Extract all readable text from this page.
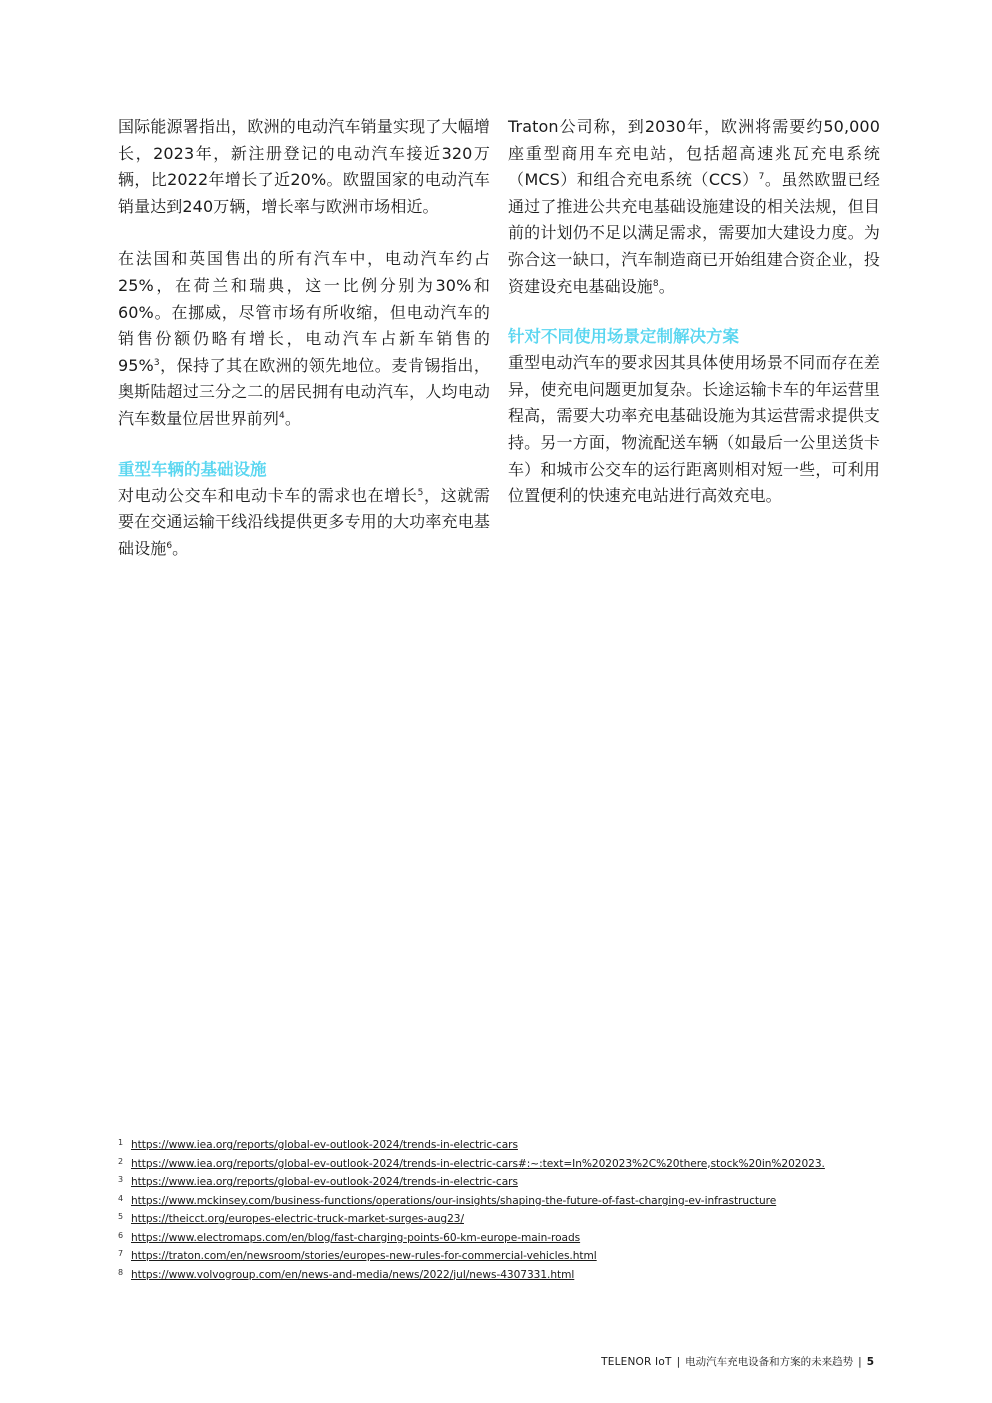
国际能源署指出，欧洲的电动汽车销量实现了大幅增长，2023年，新注册登记的电动汽车接近320万辆，比2022年增长了近20%。欧盟国家的电动汽车销量达到240万辆，增长率与欧洲市场相近。

在法国和英国售出的所有汽车中，电动汽车约占25%，在荷兰和瑞典，这一比例分别为30%和60%。在挪威，尽管市场有所收缩，但电动汽车的销售份额仍略有增长，电动汽车占新车销售的95%$^3$，保持了其在欧洲的领先地位。麦肯锡指出，奥斯陆超过三分之二的居民拥有电动汽车，人均电动汽车数量位居世界前列$^4$。

重型车辆的基础设施

对电动公交车和电动卡车的需求也在增长$^5$，这就需要在交通运输干线沿线提供更多专用的大功率充电基础设施$^6$。

Traton公司称，到2030年，欧洲将需要约50,000座重型商用车充电站，包括超高速兆瓦充电系统（MCS）和组合充电系统（CCS）$^7$。虽然欧盟已经通过了推进公共充电基础设施建设的相关法规，但目前的计划仍不足以满足需求，需要加大建设力度。为弥合这一缺口，汽车制造商已开始组建合资企业，投资建设充电基础设施$^8$。

针对不同使用场景定制解决方案

重型电动汽车的要求因其具体使用场景不同而存在差异，使充电问题更加复杂。长途运输卡车的年运营里程高，需要大功率充电基础设施为其运营需求提供支持。另一方面，物流配送车辆（如最后一公里送货卡车）和城市公交车的运行距离则相对短一些，可利用位置便利的快速充电站进行高效充电。

1 https://www.iea.org/reports/global-ev-outlook-2024/trends-in-electric-cars
2 https://www.iea.org/reports/global-ev-outlook-2024/trends-in-electric-cars#:~:text=In%202023%2C%20there,stock%20in%202023.
3 https://www.iea.org/reports/global-ev-outlook-2024/trends-in-electric-cars
4 https://www.mckinsey.com/business-functions/operations/our-insights/shaping-the-future-of-fast-charging-ev-infrastructure
5 https://theicct.org/europes-electric-truck-market-surges-aug23/
6 https://www.electromaps.com/en/blog/fast-charging-points-60-km-europe-main-roads
7 https://traton.com/en/newsroom/stories/europes-new-rules-for-commercial-vehicles.html
8 https://www.volvogroup.com/en/news-and-media/news/2022/jul/news-4307331.html
TELENOR IoT | 电动汽车充电设备和方案的未来趋势 | 5
